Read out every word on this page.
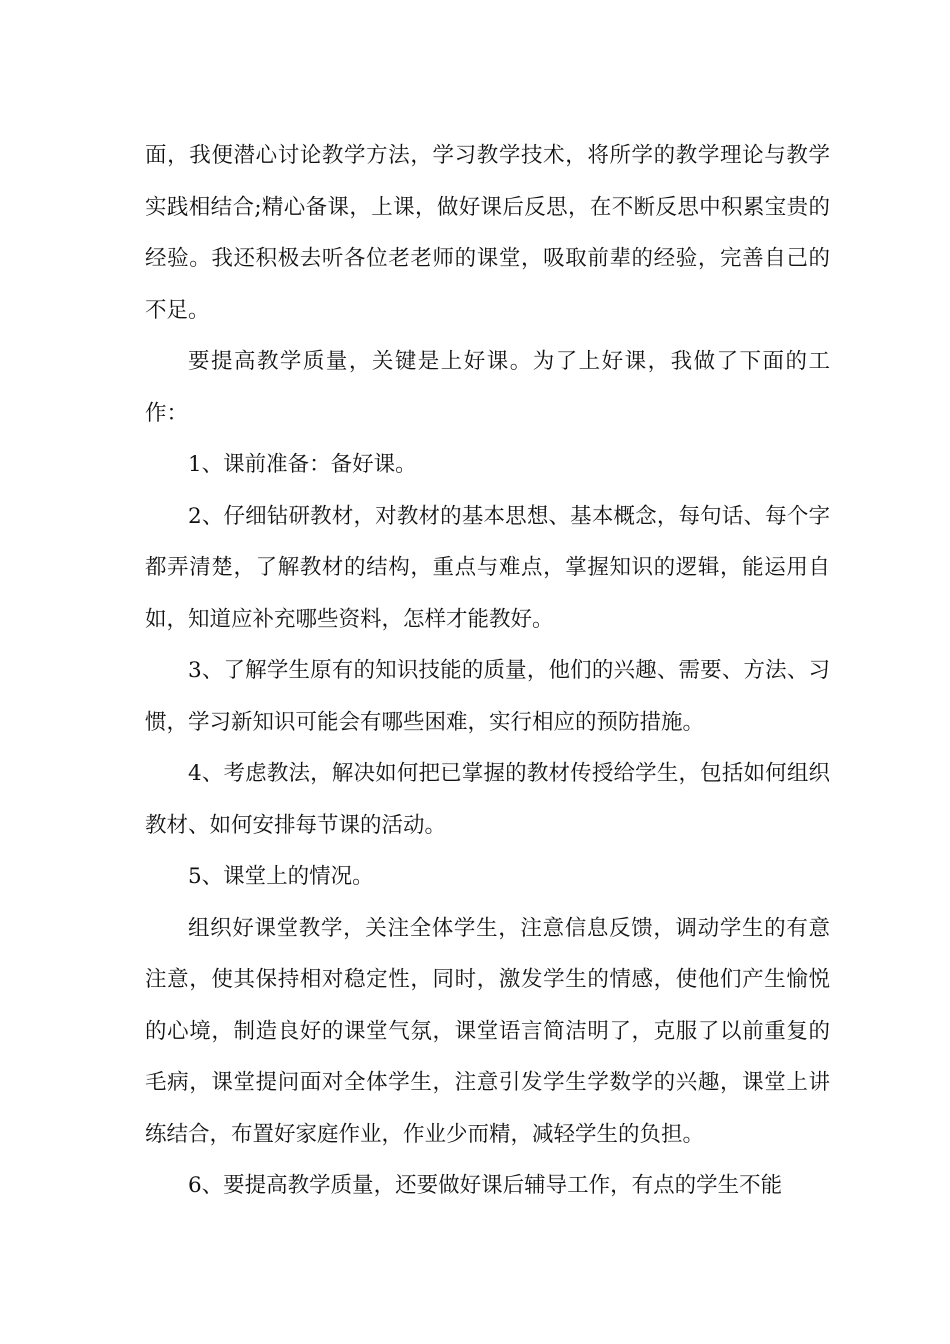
面，我便潜心讨论教学方法，学习教学技术，将所学的教学理论与教学实践相结合;精心备课，上课，做好课后反思，在不断反思中积累宝贵的经验。我还积极去听各位老老师的课堂，吸取前辈的经验，完善自己的不足。

要提高教学质量，关键是上好课。为了上好课，我做了下面的工作：

1、课前准备：备好课。

2、仔细钻研教材，对教材的基本思想、基本概念，每句话、每个字都弄清楚，了解教材的结构，重点与难点，掌握知识的逻辑，能运用自如，知道应补充哪些资料，怎样才能教好。

3、了解学生原有的知识技能的质量，他们的兴趣、需要、方法、习惯，学习新知识可能会有哪些困难，实行相应的预防措施。

4、考虑教法，解决如何把已掌握的教材传授给学生，包括如何组织教材、如何安排每节课的活动。

5、课堂上的情况。

组织好课堂教学，关注全体学生，注意信息反馈，调动学生的有意注意，使其保持相对稳定性，同时，激发学生的情感，使他们产生愉悦的心境，制造良好的课堂气氛，课堂语言简洁明了，克服了以前重复的毛病，课堂提问面对全体学生，注意引发学生学数学的兴趣，课堂上讲练结合，布置好家庭作业，作业少而精，减轻学生的负担。

6、要提高教学质量，还要做好课后辅导工作，有点的学生不能
